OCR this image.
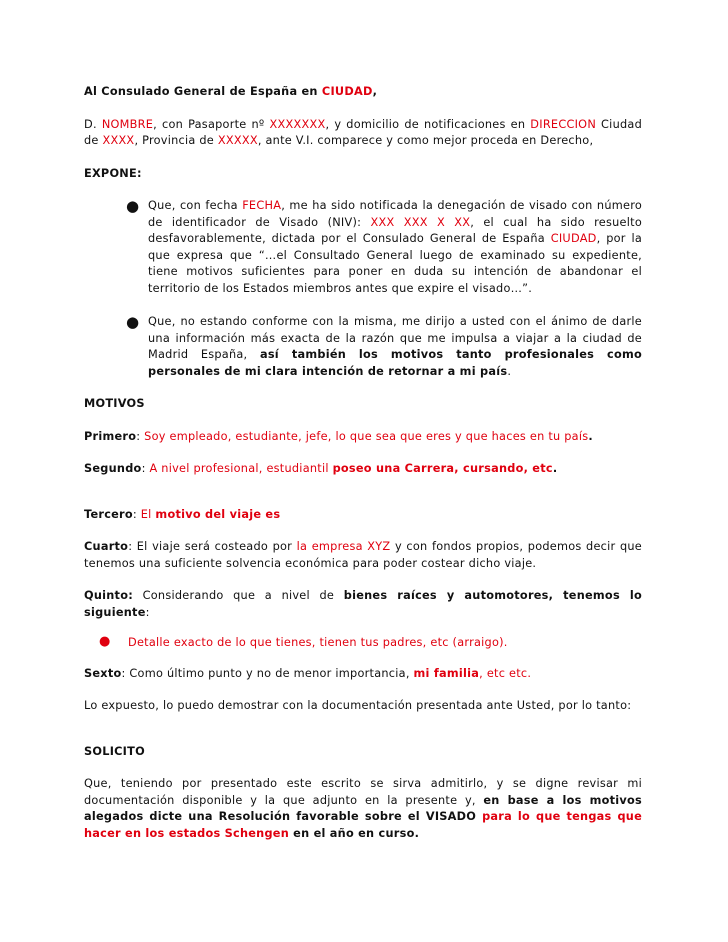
Al Consulado General de España en CIUDAD,

D. NOMBRE, con Pasaporte nº XXXXXXX, y domicilio de notificaciones en DIRECCION Ciudad de XXXX, Provincia de XXXXX, ante V.I. comparece y como mejor proceda en Derecho,

EXPONE:

● Que, con fecha FECHA, me ha sido notificada la denegación de visado con número de identificador de Visado (NIV): XXX XXX X XX, el cual ha sido resuelto desfavorablemente, dictada por el Consulado General de España CIUDAD, por la que expresa que “…el Consultado General luego de examinado su expediente, tiene motivos suficientes para poner en duda su intención de abandonar el territorio de los Estados miembros antes que expire el visado…”.

● Que, no estando conforme con la misma, me dirijo a usted con el ánimo de darle una información más exacta de la razón que me impulsa a viajar a la ciudad de Madrid España, así también los motivos tanto profesionales como personales de mi clara intención de retornar a mi país.

MOTIVOS

Primero: Soy empleado, estudiante, jefe, lo que sea que eres y que haces en tu país.

Segundo: A nivel profesional, estudiantil poseo una Carrera, cursando, etc.

Tercero: El motivo del viaje es

Cuarto: El viaje será costeado por la empresa XYZ y con fondos propios, podemos decir que tenemos una suficiente solvencia económica para poder costear dicho viaje.

Quinto: Considerando que a nivel de bienes raíces y automotores, tenemos lo siguiente:

● Detalle exacto de lo que tienes, tienen tus padres, etc (arraigo).

Sexto: Como último punto y no de menor importancia, mi familia, etc etc.

Lo expuesto, lo puedo demostrar con la documentación presentada ante Usted, por lo tanto:

SOLICITO

Que, teniendo por presentado este escrito se sirva admitirlo, y se digne revisar mi documentación disponible y la que adjunto en la presente y, en base a los motivos alegados dicte una Resolución favorable sobre el VISADO para lo que tengas que hacer en los estados Schengen en el año en curso.
